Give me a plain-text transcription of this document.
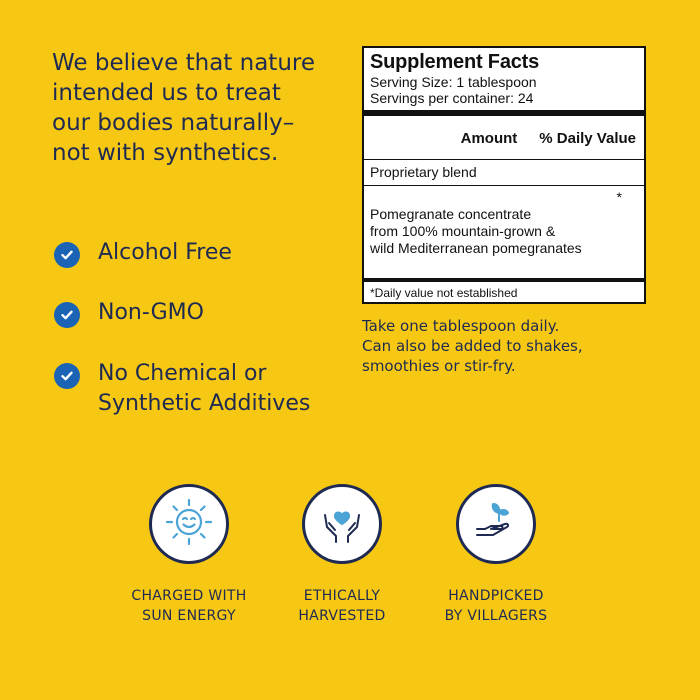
We believe that nature
intended us to treat
our bodies naturally–
not with synthetics.
Alcohol Free
Non-GMO
No Chemical or
Synthetic Additives
Supplement Facts
Serving Size: 1 tablespoon
Servings per container: 24
Amount % Daily Value
Proprietary blend

Pomegranate concentrate
from 100% mountain-grown &
wild Mediterranean pomegranates

*

*Daily value not established
Take one tablespoon daily.
Can also be added to shakes,
smoothies or stir-fry.
CHARGED WITH
SUN ENERGY
ETHICALLY
HARVESTED
HANDPICKED
BY VILLAGERS
